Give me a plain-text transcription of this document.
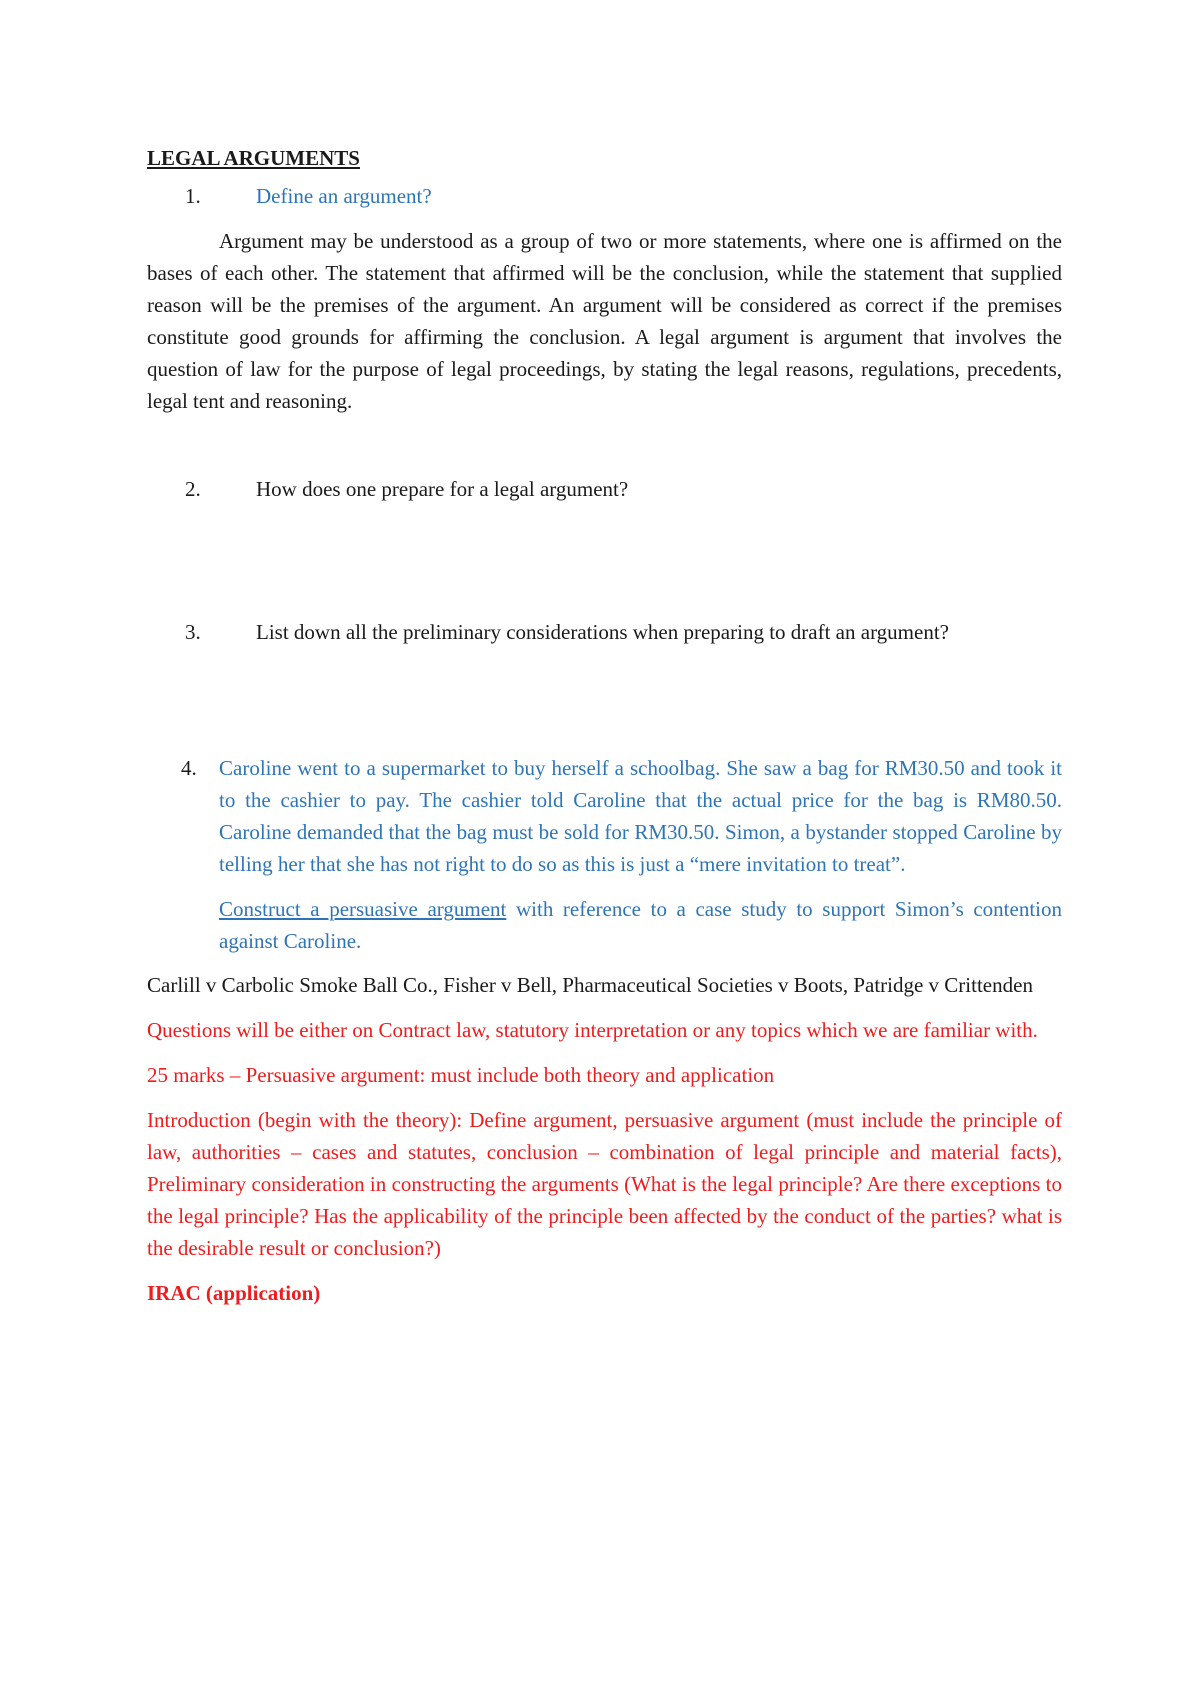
LEGAL ARGUMENTS

1.	Define an argument?

Argument may be understood as a group of two or more statements, where one is affirmed on the bases of each other. The statement that affirmed will be the conclusion, while the statement that supplied reason will be the premises of the argument. An argument will be considered as correct if the premises constitute good grounds for affirming the conclusion. A legal argument is argument that involves the question of law for the purpose of legal proceedings, by stating the legal reasons, regulations, precedents, legal tent and reasoning.

2.	How does one prepare for a legal argument?
3.	List down all the preliminary considerations when preparing to draft an argument?
4.	Caroline went to a supermarket to buy herself a schoolbag. She saw a bag for RM30.50 and took it to the cashier to pay. The cashier told Caroline that the actual price for the bag is RM80.50. Caroline demanded that the bag must be sold for RM30.50. Simon, a bystander stopped Caroline by telling her that she has not right to do so as this is just a “mere invitation to treat”.
Construct a persuasive argument with reference to a case study to support Simon’s contention against Caroline.

Carlill v Carbolic Smoke Ball Co., Fisher v Bell, Pharmaceutical Societies v Boots, Patridge v Crittenden

Questions will be either on Contract law, statutory interpretation or any topics which we are familiar with.

25 marks – Persuasive argument: must include both theory and application

Introduction (begin with the theory): Define argument, persuasive argument (must include the principle of law, authorities – cases and statutes, conclusion – combination of legal principle and material facts), Preliminary consideration in constructing the arguments (What is the legal principle? Are there exceptions to the legal principle? Has the applicability of the principle been affected by the conduct of the parties? what is the desirable result or conclusion?)

IRAC (application)
